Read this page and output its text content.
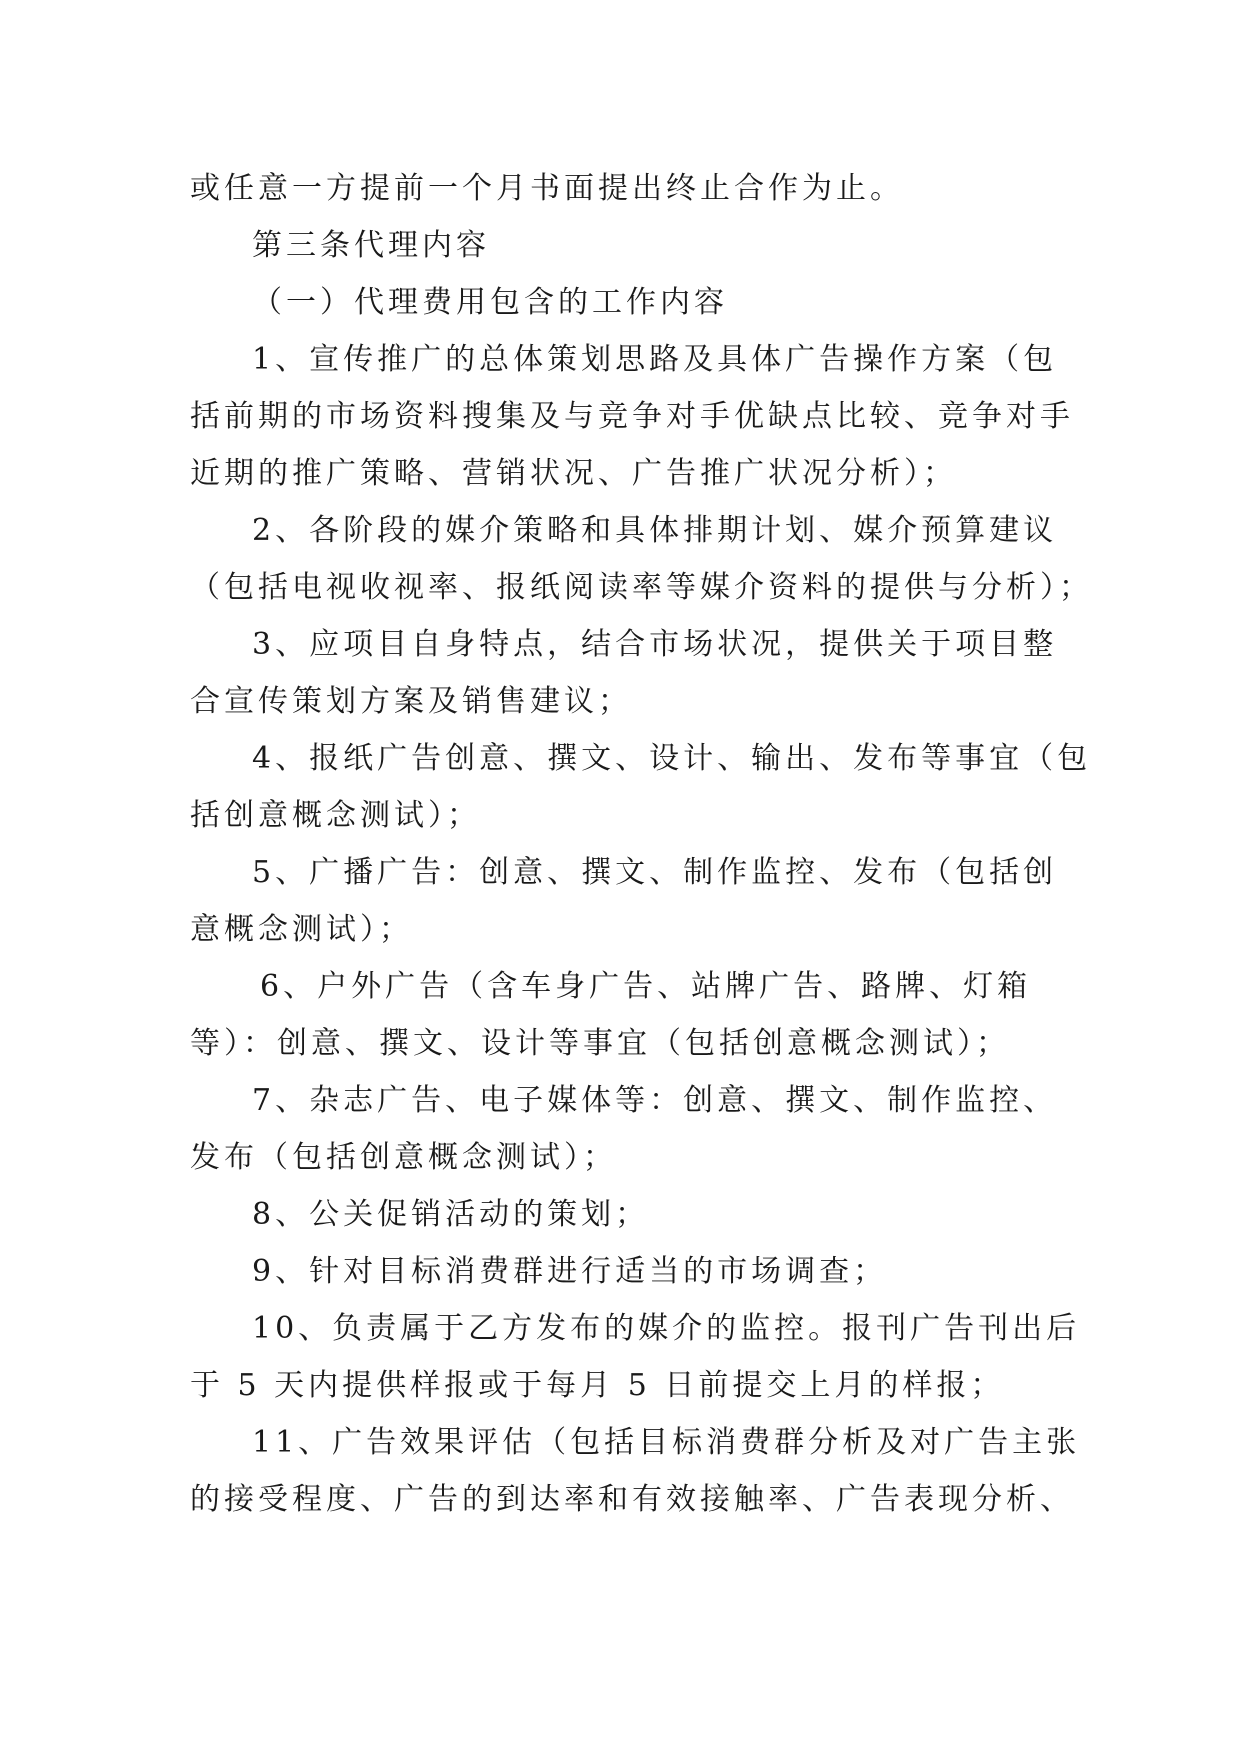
或任意一方提前一个月书面提出终止合作为止。
第三条代理内容
（一）代理费用包含的工作内容
1、宣传推广的总体策划思路及具体广告操作方案（包
括前期的市场资料搜集及与竞争对手优缺点比较、竞争对手
近期的推广策略、营销状况、广告推广状况分析）；
2、各阶段的媒介策略和具体排期计划、媒介预算建议
（包括电视收视率、报纸阅读率等媒介资料的提供与分析）；
3、应项目自身特点，结合市场状况，提供关于项目整
合宣传策划方案及销售建议；
4、报纸广告创意、撰文、设计、输出、发布等事宜（包
括创意概念测试）；
5、广播广告：创意、撰文、制作监控、发布（包括创
意概念测试）；
6、户外广告（含车身广告、站牌广告、路牌、灯箱
等）：创意、撰文、设计等事宜（包括创意概念测试）；
7、杂志广告、电子媒体等：创意、撰文、制作监控、
发布（包括创意概念测试）；
8、公关促销活动的策划；
9、针对目标消费群进行适当的市场调查；
10、负责属于乙方发布的媒介的监控。报刊广告刊出后
于 5 天内提供样报或于每月 5 日前提交上月的样报；
11、广告效果评估（包括目标消费群分析及对广告主张
的接受程度、广告的到达率和有效接触率、广告表现分析、
